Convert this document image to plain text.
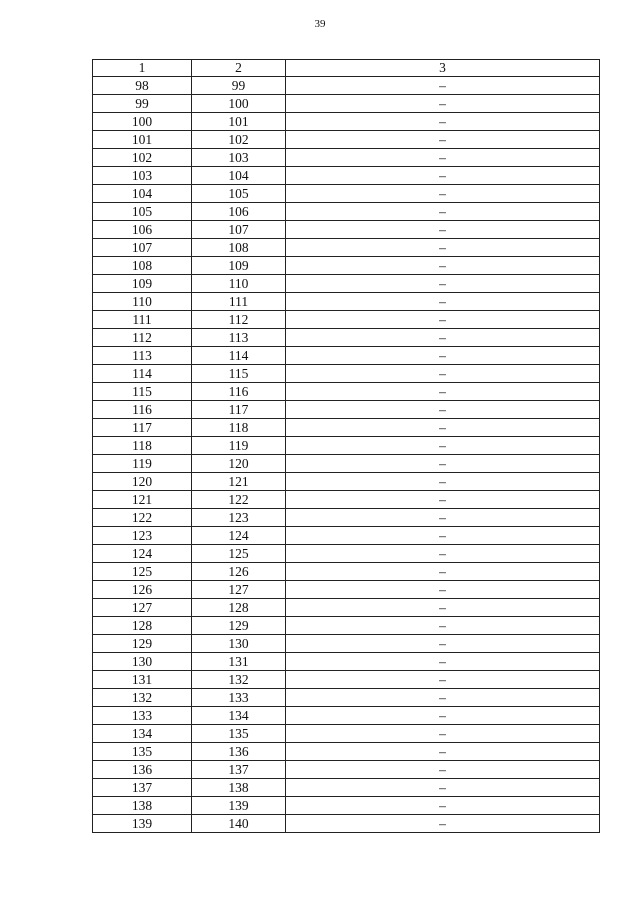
39
1	2	3
98	99	–
99	100	–
100	101	–
101	102	–
102	103	–
103	104	–
104	105	–
105	106	–
106	107	–
107	108	–
108	109	–
109	110	–
110	111	–
111	112	–
112	113	–
113	114	–
114	115	–
115	116	–
116	117	–
117	118	–
118	119	–
119	120	–
120	121	–
121	122	–
122	123	–
123	124	–
124	125	–
125	126	–
126	127	–
127	128	–
128	129	–
129	130	–
130	131	–
131	132	–
132	133	–
133	134	–
134	135	–
135	136	–
136	137	–
137	138	–
138	139	–
139	140	–
